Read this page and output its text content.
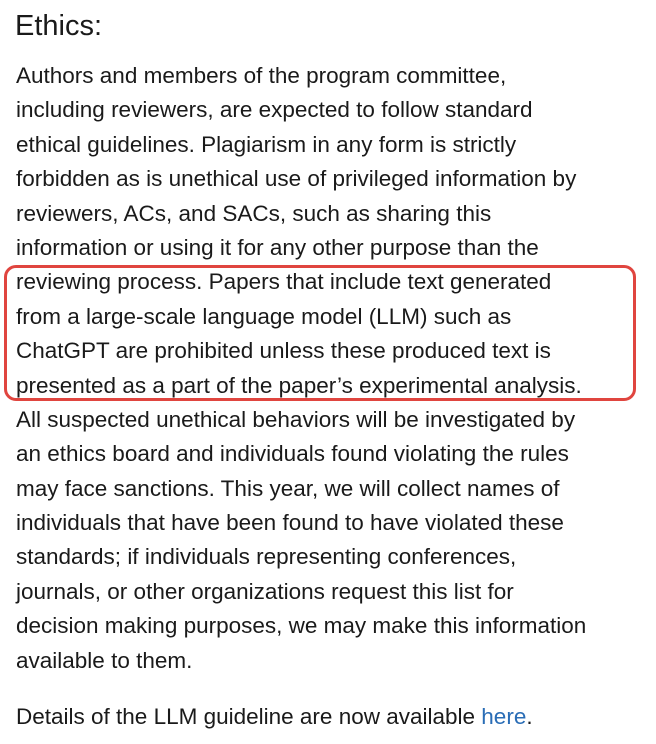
Ethics:
Authors and members of the program committee,
including reviewers, are expected to follow standard
ethical guidelines. Plagiarism in any form is strictly
forbidden as is unethical use of privileged information by
reviewers, ACs, and SACs, such as sharing this
information or using it for any other purpose than the
reviewing process. Papers that include text generated
from a large-scale language model (LLM) such as
ChatGPT are prohibited unless these produced text is
presented as a part of the paper’s experimental analysis.
All suspected unethical behaviors will be investigated by
an ethics board and individuals found violating the rules
may face sanctions. This year, we will collect names of
individuals that have been found to have violated these
standards; if individuals representing conferences,
journals, or other organizations request this list for
decision making purposes, we may make this information
available to them.
Details of the LLM guideline are now available here.
